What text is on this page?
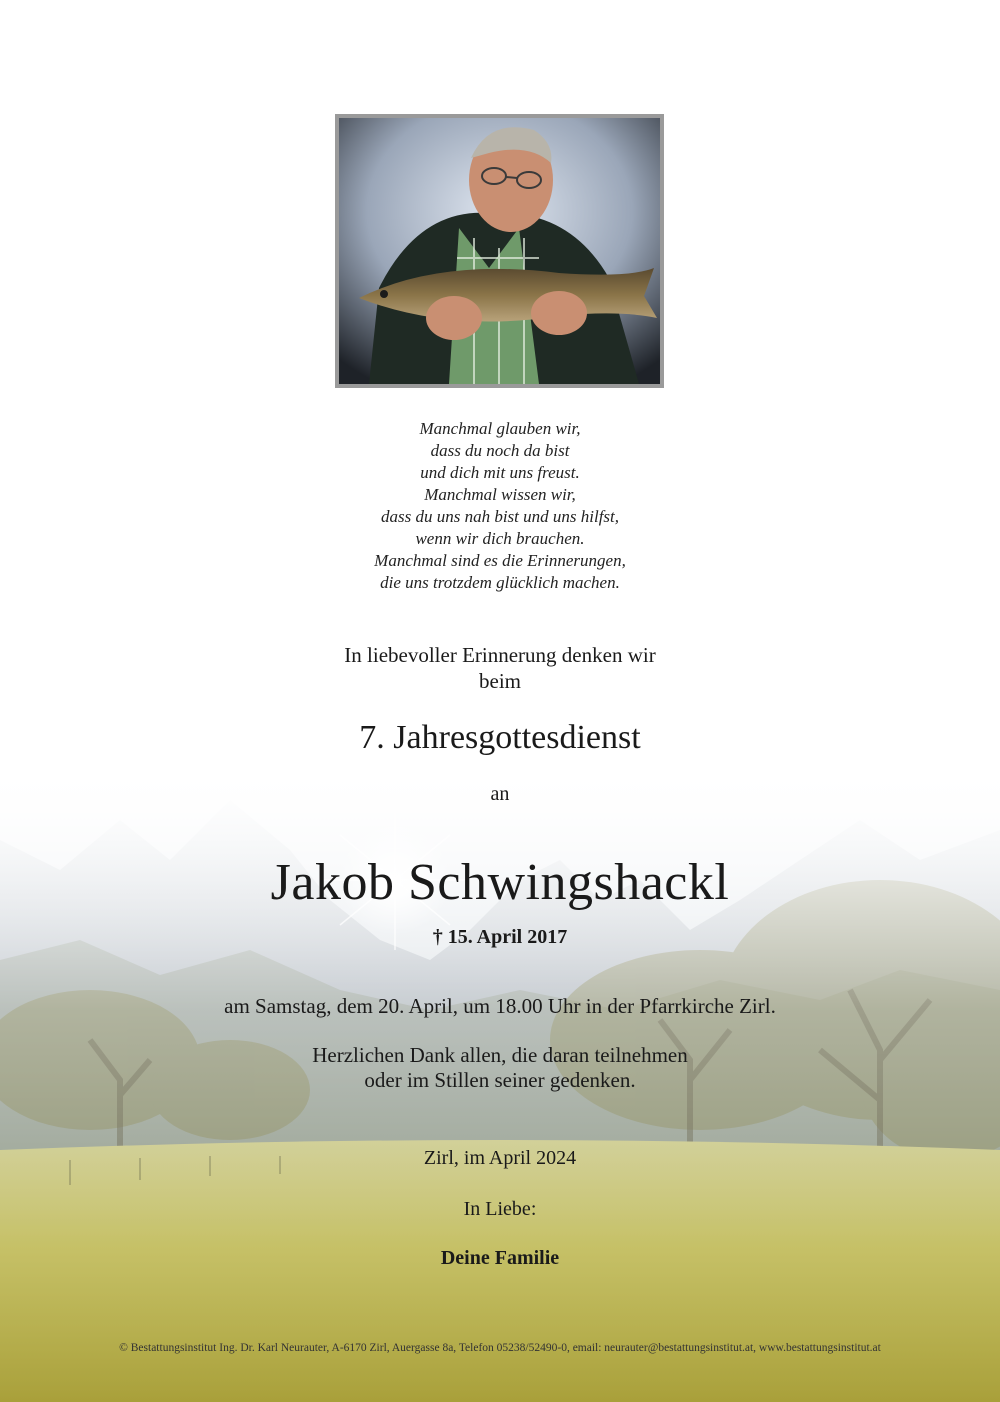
Manchmal glauben wir,
dass du noch da bist
und dich mit uns freust.
Manchmal wissen wir,
dass du uns nah bist und uns hilfst,
wenn wir dich brauchen.
Manchmal sind es die Erinnerungen,
die uns trotzdem glücklich machen.
In liebevoller Erinnerung denken wir
beim
7. Jahresgottesdienst
an
Jakob Schwingshackl
† 15. April 2017
am Samstag, dem 20. April, um 18.00 Uhr in der Pfarrkirche Zirl.
Herzlichen Dank allen, die daran teilnehmen
oder im Stillen seiner gedenken.
Zirl, im April 2024
In Liebe:
Deine Familie
© Bestattungsinstitut Ing. Dr. Karl Neurauter, A-6170 Zirl, Auergasse 8a, Telefon 05238/52490-0, email: neurauter@bestattungsinstitut.at, www.bestattungsinstitut.at
